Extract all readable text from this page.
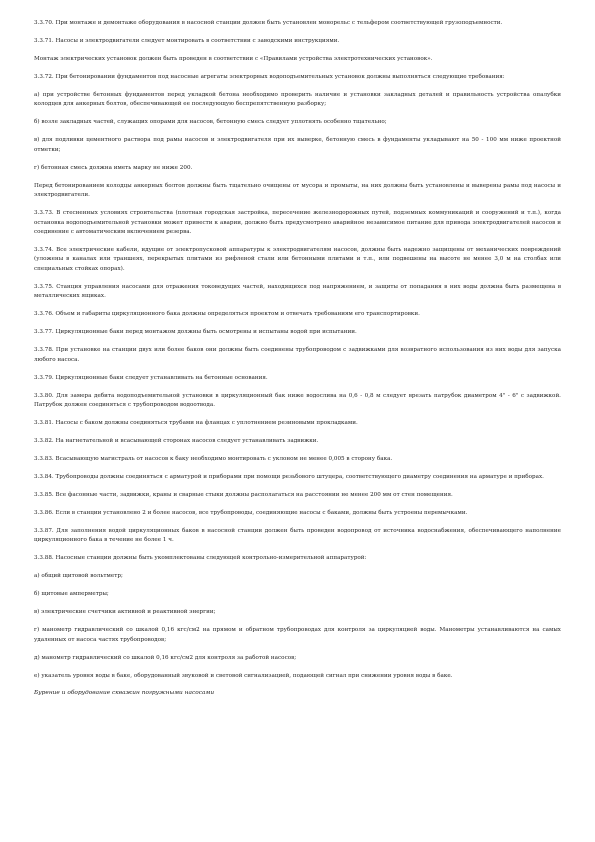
3.3.70. При монтаже и демонтаже оборудования в насосной станции должен быть установлен монорельс с тельфером соответствующей грузоподъемности.

3.3.71. Насосы и электродвигатели следует монтировать в соответствии с заводскими инструкциями.

Монтаж электрических установок должен быть проведен в соответствии с «Правилами устройства электротехнических установок».

3.3.72. При бетонировании фундаментов под насосные агрегаты электрорвых водоподъемительных установок должны выполняться следующие требования:

а) при устройстве бетонных фундаментов перед укладкой бетона необходимо проверить наличие и установки закладных деталей и правильность устройства опалубки колодцев для анкерных болтов, обеспечивающей ее последующую беспрепятственную разборку;

б) возле закладных частей, служащих опорами для насосов, бетонную смесь следует уплотнять особенно тщательно;

в) для подливки цементного раствора под рамы насосов и электродвигателя при их выверке, бетонную смесь в фундаменты укладывают на 50 - 100 мм ниже проектной отметки;

г) бетонная смесь должна иметь марку не ниже 200.

Перед бетонированием колодцы анкерных болтов должны быть тщательно очищены от мусора и промыты, на них должны быть установлены и выверены рамы под насосы и электродвигатели.

3.3.73. В стесненных условиях строительства (плотная городская застройка, пересечение железнодорожных путей, подземных коммуникаций и сооружений и т.п.), когда остановка водоподъемительной установки может привести к аварии, должно быть предусмотрено аварийное независимое питание для привода электродвигателей насосов и соединение с автоматическим включением резерва.

3.3.74. Все электрические кабели, идущие от электропусковой аппаратуры к электродвигателям насосов, должны быть надежно защищены от механических повреждений (уложены в каналах или траншеях, перекрытых плитами из рифленой стали или бетонными плитами и т.п., или подвешены на высоте не менее 3,0 м на столбах или специальных стойках опорах).

3.3.75. Станция управления насосами для отражения токоведущих частей, находящихся под напряжением, и защиты от попадания в них воды должна быть размещена в металлических ящиках.

3.3.76. Объем и габариты циркуляционного бака должны определяться проектом и отвечать требованиям его транспортировки.

3.3.77. Циркуляционные баки перед монтажом должны быть осмотрены и испытаны водой при испытании.

3.3.78. При установке на станции двух или более баков они должны быть соединены трубопроводом с задвижками для возвратного использования из них воды для запуска любого насоса.

3.3.79. Циркуляционные баки следует устанавливать на бетонные основания.

3.3.80. Для замера дебита водоподъемительной установки в циркуляционный бак ниже водослива на 0,6 - 0,8 м следует врезать патрубок диаметром 4" - 6" с задвижкой. Патрубок должен соединяться с трубопроводом водоотвода.

3.3.81. Насосы с баком должны соединяться трубами на фланцах с уплотнением резиновыми прокладками.

3.3.82. На нагнетательной и всасывающей сторонах насосов следует устанавливать задвижки.

3.3.83. Всасывающую магистраль от насосов к баку необходимо монтировать с уклоном не менее 0,005 в сторону бака.

3.3.84. Трубопроводы должны соединяться с арматурой и приборами при помощи резьбового штуцера, соответствующего диаметру соединения на арматуре и приборах.

3.3.85. Все фасонные части, задвижки, краны и сварные стыки должны располагаться на расстоянии не менее 200 мм от стен помещения.

3.3.86. Если в станции установлено 2 и более насосов, все трубопроводы, соединяющие насосы с баками, должны быть устроены перемычками.

3.3.87. Для заполнения водой циркуляционных баков в насосной станции должен быть проведен водопровод от источника водоснабжения, обеспечивающего наполнение циркуляционного бака в течение не более 1 ч.

3.3.88. Насосные станции должны быть укомплектованы следующей контрольно-измерительной аппаратурой:

а) общий щитовой вольтметр;

б) щитовые амперметры;

в) электрические счетчики активной и реактивной энергии;

г) манометр гидравлический со шкалой 0,16 кгс/см2 на прямом и обратном трубопроводах для контроля за циркуляцией воды. Манометры устанавливаются на самых удаленных от насоса частях трубопроводов;

д) манометр гидравлический со шкалой 0,16 кгс/см2 для контроля за работой насосов;

е) указатель уровня воды в баке, оборудованный звуковой и световой сигнализацией, подающей сигнал при снижении уровня воды в баке.

Бурение и оборудование скважин погружными насосами
